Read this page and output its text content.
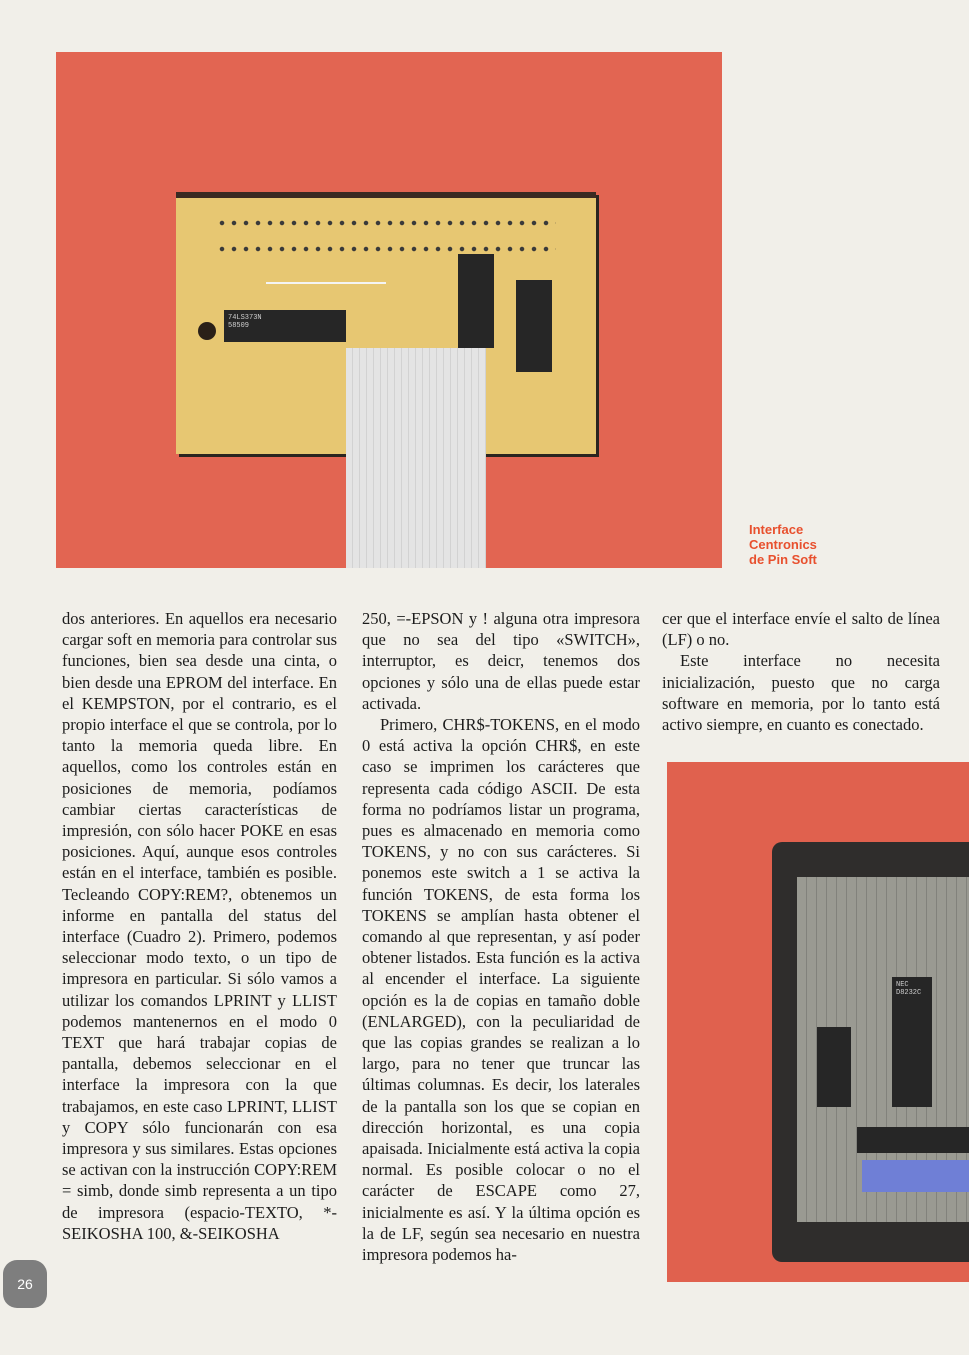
74LS373N
58509
Interface
Centronics
de Pin Soft

dos anteriores. En aquellos era necesario cargar soft en memoria para controlar sus funciones, bien sea desde una cinta, o bien desde una EPROM del interface. En el KEMPSTON, por el contrario, es el propio interface el que se controla, por lo tanto la memoria queda libre. En aquellos, como los controles están en posiciones de memoria, podíamos cambiar ciertas características de impresión, con sólo hacer POKE en esas posiciones. Aquí, aunque esos controles están en el interface, también es posible. Tecleando COPY:REM?, obtenemos un informe en pantalla del status del interface (Cuadro 2). Primero, podemos seleccionar modo texto, o un tipo de impresora en particular. Si sólo vamos a utilizar los comandos LPRINT y LLIST podemos mantenernos en el modo 0 TEXT que hará trabajar copias de pantalla, debemos seleccionar en el interface la impresora con la que trabajamos, en este caso LPRINT, LLIST y COPY sólo funcionarán con esa impresora y sus similares. Estas opciones se activan con la instrucción COPY:REM = simb, donde simb representa a un tipo de impresora (espacio-TEXTO, *-SEIKOSHA 100, &-SEIKOSHA

250, =-EPSON y ! alguna otra impresora que no sea del tipo «SWITCH», interruptor, es deicr, tenemos dos opciones y sólo una de ellas puede estar activada.

Primero, CHR$-TOKENS, en el modo 0 está activa la opción CHR$, en este caso se imprimen los carácteres que representa cada código ASCII. De esta forma no podríamos listar un programa, pues es almacenado en memoria como TOKENS, y no con sus carácteres. Si ponemos este switch a 1 se activa la función TOKENS, de esta forma los TOKENS se amplían hasta obtener el comando al que representan, y así poder obtener listados. Esta función es la activa al encender el interface. La siguiente opción es la de copias en tamaño doble (ENLARGED), con la peculiaridad de que las copias grandes se realizan a lo largo, para no tener que truncar las últimas columnas. Es decir, los laterales de la pantalla son los que se copian en dirección horizontal, es una copia apaisada. Inicialmente está activa la copia normal. Es posible colocar o no el carácter de ESCAPE como 27, inicialmente es así. Y la última opción es la de LF, según sea necesario en nuestra impresora podemos ha-

cer que el interface envíe el salto de línea (LF) o no.

Este interface no necesita inicialización, puesto que no carga software en memoria, por lo tanto está activo siempre, en cuanto es conectado.

NEC
D8232C
26
